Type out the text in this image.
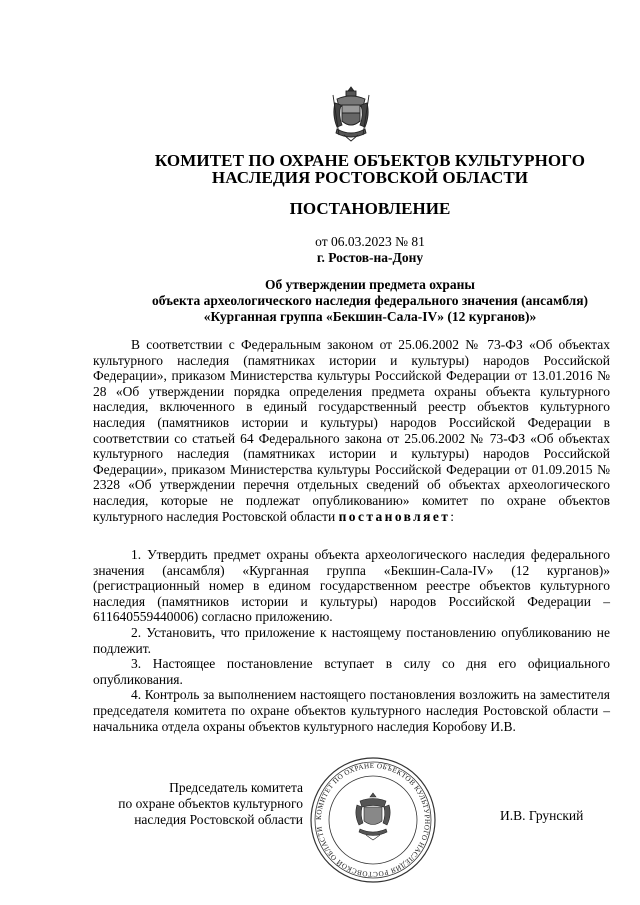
КОМИТЕТ ПО ОХРАНЕ ОБЪЕКТОВ КУЛЬТУРНОГО
НАСЛЕДИЯ РОСТОВСКОЙ ОБЛАСТИ
ПОСТАНОВЛЕНИЕ
от 06.03.2023 № 81
г. Ростов-на-Дону
Об утверждении предмета охраны
объекта археологического наследия федерального значения (ансамбля)
«Курганная группа «Бекшин-Сала-IV» (12 курганов)»
В соответствии с Федеральным законом от 25.06.2002 № 73-ФЗ «Об объектах культурного наследия (памятниках истории и культуры) народов Российской Федерации», приказом Министерства культуры Российской Федерации от 13.01.2016 № 28 «Об утверждении порядка определения предмета охраны объекта культурного наследия, включенного в единый государственный реестр объектов культурного наследия (памятников истории и культуры) народов Российской Федерации в соответствии со статьей 64 Федерального закона от 25.06.2002 № 73-ФЗ «Об объектах культурного наследия (памятниках истории и культуры) народов Российской Федерации», приказом Министерства культуры Российской Федерации от 01.09.2015 № 2328 «Об утверждении перечня отдельных сведений об объектах археологического наследия, которые не подлежат опубликованию» комитет по охране объектов культурного наследия Ростовской области постановляет:
1. Утвердить предмет охраны объекта археологического наследия федерального значения (ансамбля) «Курганная группа «Бекшин-Сала-IV» (12 курганов)» (регистрационный номер в едином государственном реестре объектов культурного наследия (памятников истории и культуры) народов Российской Федерации – 611640559440006) согласно приложению.
2. Установить, что приложение к настоящему постановлению опубликованию не подлежит.
3. Настоящее постановление вступает в силу со дня его официального опубликования.
4. Контроль за выполнением настоящего постановления возложить на заместителя председателя комитета по охране объектов культурного наследия Ростовской области – начальника отдела охраны объектов культурного наследия Коробову И.В.
КОМИТЕТ ПО ОХРАНЕ ОБЪЕКТОВ КУЛЬТУРНОГО НАСЛЕДИЯ РОСТОВСКОЙ ОБЛАСТИ
Председатель комитета
по охране объектов культурного
наследия Ростовской области	И.В. Грунский
